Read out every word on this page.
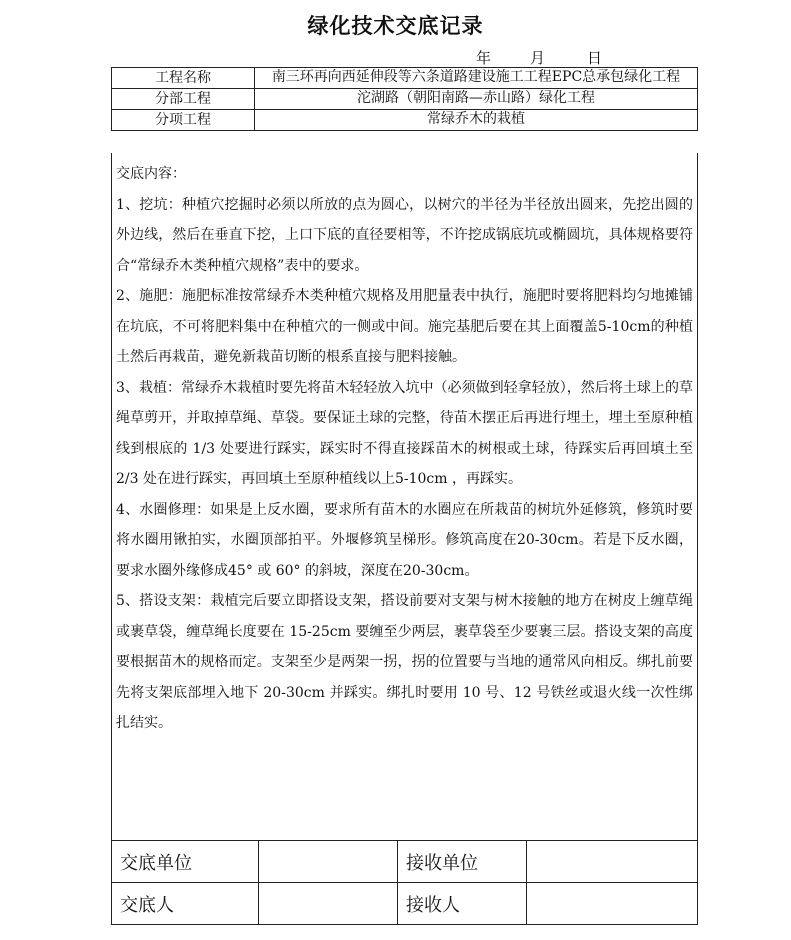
绿化技术交底记录
年	月	日
工程名称	南三环再向西延伸段等六条道路建设施工工程EPC总承包绿化工程
分部工程	沱湖路（朝阳南路—赤山路）绿化工程
分项工程	常绿乔木的栽植

交底内容：

1、挖坑：种植穴挖掘时必须以所放的点为圆心，以树穴的半径为半径放出圆来，先挖出圆的外边线，然后在垂直下挖，上口下底的直径要相等，不许挖成锅底坑或椭圆坑，具体规格要符合“常绿乔木类种植穴规格”表中的要求。

2、施肥：施肥标准按常绿乔木类种植穴规格及用肥量表中执行，施肥时要将肥料均匀地摊铺在坑底，不可将肥料集中在种植穴的一侧或中间。施完基肥后要在其上面覆盖5-10cm的种植土然后再栽苗，避免新栽苗切断的根系直接与肥料接触。

3、栽植：常绿乔木栽植时要先将苗木轻轻放入坑中（必须做到轻拿轻放），然后将土球上的草绳草剪开，并取掉草绳、草袋。要保证土球的完整，待苗木摆正后再进行埋土，埋土至原种植线到根底的 1/3 处要进行踩实，踩实时不得直接踩苗木的树根或土球，待踩实后再回填土至 2/3 处在进行踩实，再回填土至原种植线以上5-10cm ，再踩实。

4、水圈修理：如果是上反水圈，要求所有苗木的水圈应在所栽苗的树坑外延修筑，修筑时要将水圈用锹拍实，水圈顶部拍平。外堰修筑呈梯形。修筑高度在20-30cm。若是下反水圈，要求水圈外缘修成45° 或 60° 的斜坡，深度在20-30cm。

5、搭设支架：栽植完后要立即搭设支架，搭设前要对支架与树木接触的地方在树皮上缠草绳或裹草袋，缠草绳长度要在 15-25cm 要缠至少两层，裹草袋至少要裹三层。搭设支架的高度要根据苗木的规格而定。支架至少是两架一拐，拐的位置要与当地的通常风向相反。绑扎前要先将支架底部埋入地下 20-30cm 并踩实。绑扎时要用 10 号、12 号铁丝或退火线一次性绑扎结实。

交底单位		接收单位	
交底人		接收人	
